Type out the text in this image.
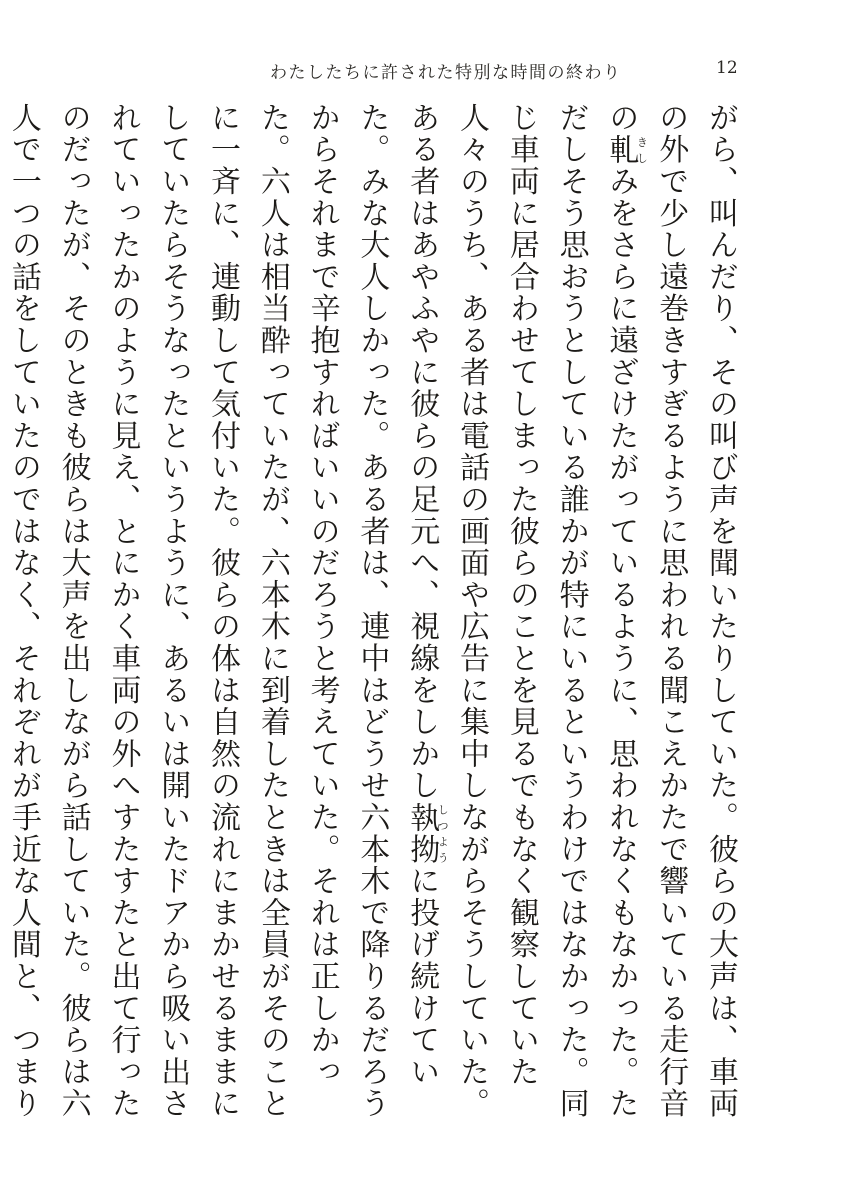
わたしたちに許された特別な時間の終わり	12

がら、叫んだり、その叫び声を聞いたりしていた。彼らの大声は、車両の外で少し遠巻きすぎるように思われる聞こえかたで響いている走行音の軋きしみをさらに遠ざけたがっているように、思われなくもなかった。ただしそう思おうとしている誰かが特にいるというわけではなかった。同じ車両に居合わせてしまった彼らのことを見るでもなく観察していた人々のうち、ある者は電話の画面や広告に集中しながらそうしていた。ある者はあやふやに彼らの足元へ、視線をしかし執拗しつように投げ続けていた。みな大人しかった。ある者は、連中はどうせ六本木で降りるだろうからそれまで辛抱すればいいのだろうと考えていた。それは正しかった。六人は相当酔っていたが、六本木に到着したときは全員がそのことに一斉に、連動して気付いた。彼らの体は自然の流れにまかせるままにしていたらそうなったというように、あるいは開いたドアから吸い出されていったかのように見え、とにかく車両の外へすたすたと出て行ったのだったが、そのときも彼らは大声を出しながら話していた。彼らは六人で一つの話をしていたのではなく、それぞれが手近な人間と、つまり
